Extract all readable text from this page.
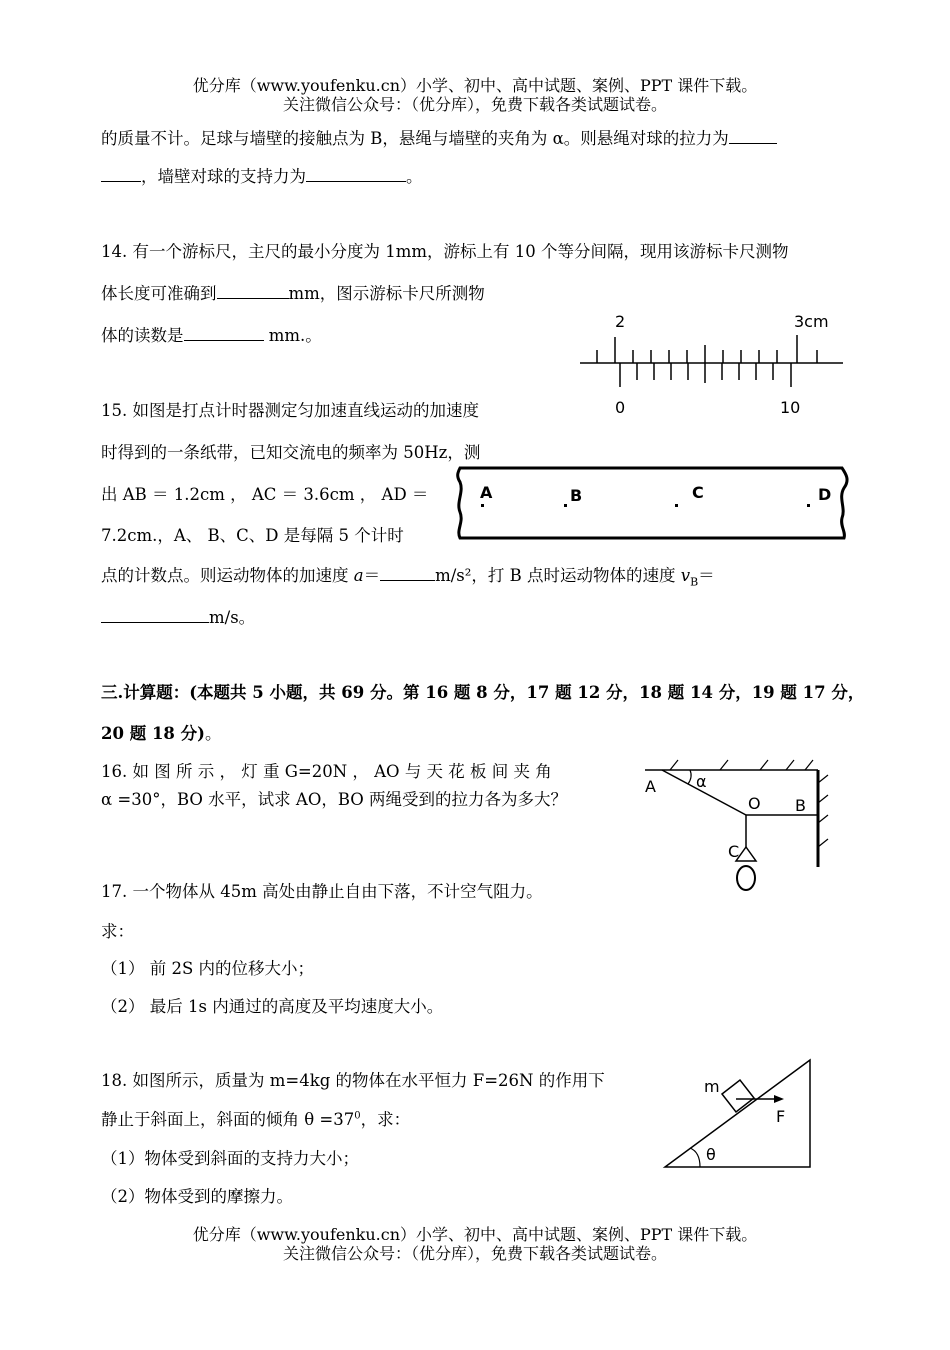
优分库（www.youfenku.cn）小学、初中、高中试题、案例、PPT 课件下载。
关注微信公众号：（优分库），免费下载各类试题试卷。
的质量不计。足球与墙壁的接触点为 B，悬绳与墙壁的夹角为 α。则悬绳对球的拉力为
，墙壁对球的支持力为	。
14. 有一个游标尺，主尺的最小分度为 1mm，游标上有 10 个等分间隔，现用该游标卡尺测物
体长度可准确到	mm，图示游标卡尺所测物
体的读数是	mm.。
2	3cm
0	10
15. 如图是打点计时器测定匀加速直线运动的加速度
时得到的一条纸带，已知交流电的频率为 50Hz，测
出 AB ＝ 1.2cm ， AC ＝ 3.6cm ， AD ＝
7.2cm.，A、 B、C、D 是每隔 5 个计时
点的计数点。则运动物体的加速度 a＝	m/s²，打 B 点时运动物体的速度 $v_B=$
m/s。
A	B	C	D
三.计算题：(本题共 5 小题，共 69 分。第 16 题 8 分，17 题 12 分，18 题 14 分，19 题 17 分，
20 题 18 分)。
16. 如 图 所 示 ， 灯 重 G=20N ， AO 与 天 花 板 间 夹 角
α =30°，BO 水平，试求 AO，BO 两绳受到的拉力各为多大？
A	α
O B
C
17. 一个物体从 45m 高处由静止自由下落，不计空气阻力。
求：
（1） 前 2S 内的位移大小；
（2） 最后 1s 内通过的高度及平均速度大小。
18. 如图所示，质量为 m=4kg 的物体在水平恒力 F=26N 的作用下
静止于斜面上，斜面的倾角 $\theta =37^0$，求：
（1）物体受到斜面的支持力大小；
（2）物体受到的摩擦力。
θ
m
F
优分库（www.youfenku.cn）小学、初中、高中试题、案例、PPT 课件下载。
关注微信公众号：（优分库），免费下载各类试题试卷。
